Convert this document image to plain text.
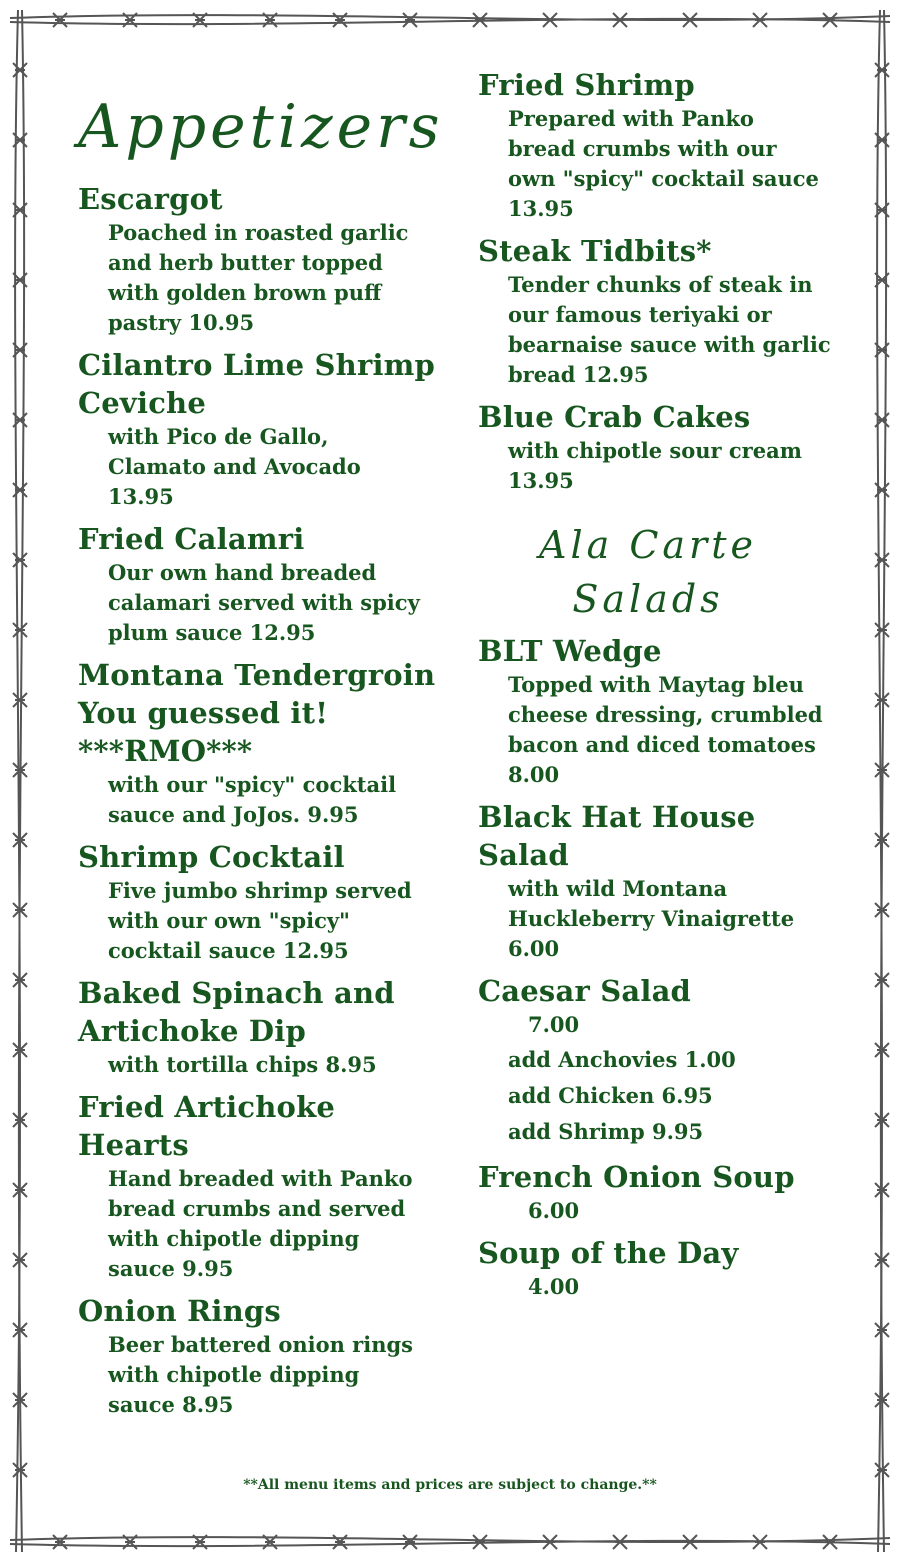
Appetizers
Escargot
Poached in roasted garlic
and herb butter topped
with golden brown puff
pastry 10.95
Cilantro Lime Shrimp Ceviche
with Pico de Gallo,
Clamato and Avocado
13.95
Fried Calamri
Our own hand breaded
calamari served with spicy
plum sauce 12.95
Montana Tendergroin You guessed it! ***RMO***
with our "spicy" cocktail
sauce and JoJos. 9.95
Shrimp Cocktail
Five jumbo shrimp served
with our own "spicy"
cocktail sauce 12.95
Baked Spinach and Artichoke Dip
with tortilla chips 8.95
Fried Artichoke Hearts
Hand breaded with Panko
bread crumbs and served
with chipotle dipping
sauce 9.95
Onion Rings
Beer battered onion rings
with chipotle dipping
sauce 8.95
Fried Shrimp
Prepared with Panko
bread crumbs with our
own "spicy" cocktail sauce
13.95
Steak Tidbits*
Tender chunks of steak in
our famous teriyaki or
bearnaise sauce with garlic
bread 12.95
Blue Crab Cakes
with chipotle sour cream
13.95
Ala Carte Salads
BLT Wedge
Topped with Maytag bleu
cheese dressing, crumbled
bacon and diced tomatoes
8.00
Black Hat House Salad
with wild Montana
Huckleberry Vinaigrette
6.00
Caesar Salad
7.00
add Anchovies 1.00
add Chicken 6.95
add Shrimp 9.95
French Onion Soup
6.00
Soup of the Day
4.00
**All menu items and prices are subject to change.**
